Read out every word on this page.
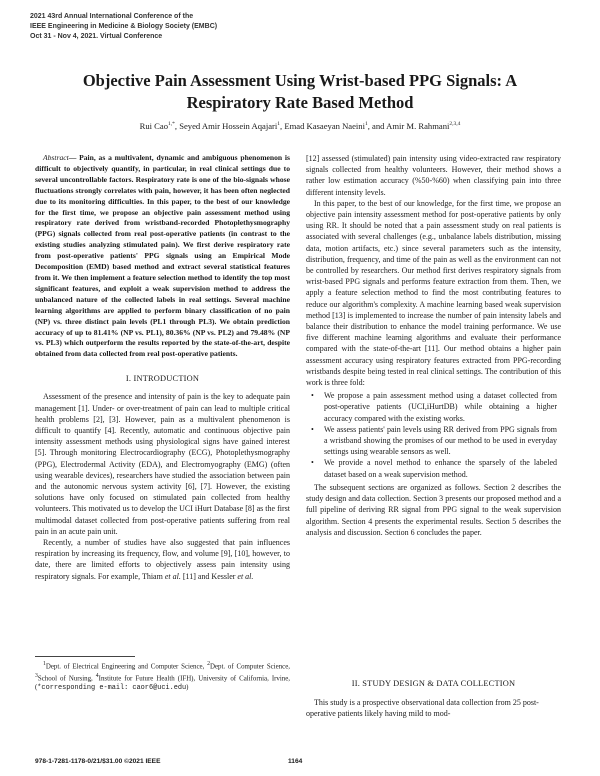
2021 43rd Annual International Conference of the
IEEE Engineering in Medicine & Biology Society (EMBC)
Oct 31 - Nov 4, 2021. Virtual Conference
Objective Pain Assessment Using Wrist-based PPG Signals: A
Respiratory Rate Based Method
Rui Cao$^{1,*}$, Seyed Amir Hossein Aqajari$^1$, Emad Kasaeyan Naeini$^1$, and Amir M. Rahmani$^{2,3,4}$

Abstract— Pain, as a multivalent, dynamic and ambiguous phenomenon is difficult to objectively quantify, in particular, in real clinical settings due to several uncontrollable factors. Respiratory rate is one of the bio-signals whose fluctuations strongly correlates with pain, however, it has been often neglected due to its monitoring difficulties. In this paper, to the best of our knowledge for the first time, we propose an objective pain assessment method using respiratory rate derived from wristband-recorded Photoplethysmography (PPG) signals collected from real post-operative patients (in contrast to the existing studies analyzing stimulated pain). We first derive respiratory rate from post-operative patients' PPG signals using an Empirical Mode Decomposition (EMD) based method and extract several statistical features from it. We then implement a feature selection method to identify the top most significant features, and exploit a weak supervision method to address the unbalanced nature of the collected labels in real settings. Several machine learning algorithms are applied to perform binary classification of no pain (NP) vs. three distinct pain levels (PL1 through PL3). We obtain prediction accuracy of up to 81.41% (NP vs. PL1), 80.36% (NP vs. PL2) and 79.48% (NP vs. PL3) which outperform the results reported by the state-of-the-art, despite obtained from data collected from real post-operative patients.

I. INTRODUCTION

Assessment of the presence and intensity of pain is the key to adequate pain management [1]. Under- or over-treatment of pain can lead to multiple critical health problems [2], [3]. However, pain as a multivalent phenomenon is difficult to quantify [4]. Recently, automatic and continuous objective pain intensity assessment methods using physiological signs have gained interest [5]. Through monitoring Electrocardiography (ECG), Photoplethysmography (PPG), Electrodermal Activity (EDA), and Electromyography (EMG) (often using wearable devices), researchers have studied the association between pain and the autonomic nervous system activity [6], [7]. However, the existing solutions have only focused on stimulated pain collected from healthy volunteers. This motivated us to develop the UCI iHurt Database [8] as the first multimodal dataset collected from post-operative patients suffering from real pain in an acute pain unit.

Recently, a number of studies have also suggested that pain influences respiration by increasing its frequency, flow, and volume [9], [10], however, to date, there are limited efforts to objectively assess pain intensity using respiratory signals. For example, Thiam et al. [11] and Kessler et al.

[12] assessed (stimulated) pain intensity using video-extracted raw respiratory signals collected from healthy volunteers. However, their method shows a rather low estimation accuracy (%50-%60) when classifying pain into three different intensity levels.

In this paper, to the best of our knowledge, for the first time, we propose an objective pain intensity assessment method for post-operative patients by only using RR. It should be noted that a pain assessment study on real patients is associated with several challenges (e.g., unbalance labels distribution, missing data, motion artifacts, etc.) since several parameters such as the intensity, distribution, frequency, and time of the pain as well as the environment can not be controlled by researchers. Our method first derives respiratory signals from wrist-based PPG signals and performs feature extraction from them. Then, we apply a feature selection method to find the most contributing features to reduce our algorithm's complexity. A machine learning based weak supervision method [13] is implemented to increase the number of pain intensity labels and balance their distribution to enhance the model training performance. We use five different machine learning algorithms and evaluate their performance compared with the state-of-the-art [11]. Our method obtains a higher pain assessment accuracy using respiratory features extracted from PPG-recording wristbands despite being tested in real clinical settings. The contribution of this work is three fold:

• We propose a pain assessment method using a dataset collected from post-operative patients (UCI,iHurtDB) while obtaining a higher accuracy compared with the existing works.
• We assess patients' pain levels using RR derived from PPG signals from a wristband showing the promises of our method to be used in everyday settings using wearable sensors as well.
• We provide a novel method to enhance the sparsely of the labeled dataset based on a weak supervision method.

The subsequent sections are organized as follows. Section 2 describes the study design and data collection. Section 3 presents our proposed method and a full pipeline of deriving RR signal from PPG signal to the weak supervision algorithm. Section 4 presents the experimental results. Section 5 describes the analysis and discussion. Section 6 concludes the paper.

II. STUDY DESIGN & DATA COLLECTION

This study is a prospective observational data collection from 25 post-operative patients likely having mild to mod-

$^1$Dept. of Electrical Engineering and Computer Science, $^2$Dept. of Computer Science, $^3$School of Nursing, $^4$Institute for Future Health (IFH), University of California, Irvine, (*corresponding e-mail: caor6@uci.edu)
978-1-7281-1178-0/21/$31.00 ©2021 IEEE	1164
